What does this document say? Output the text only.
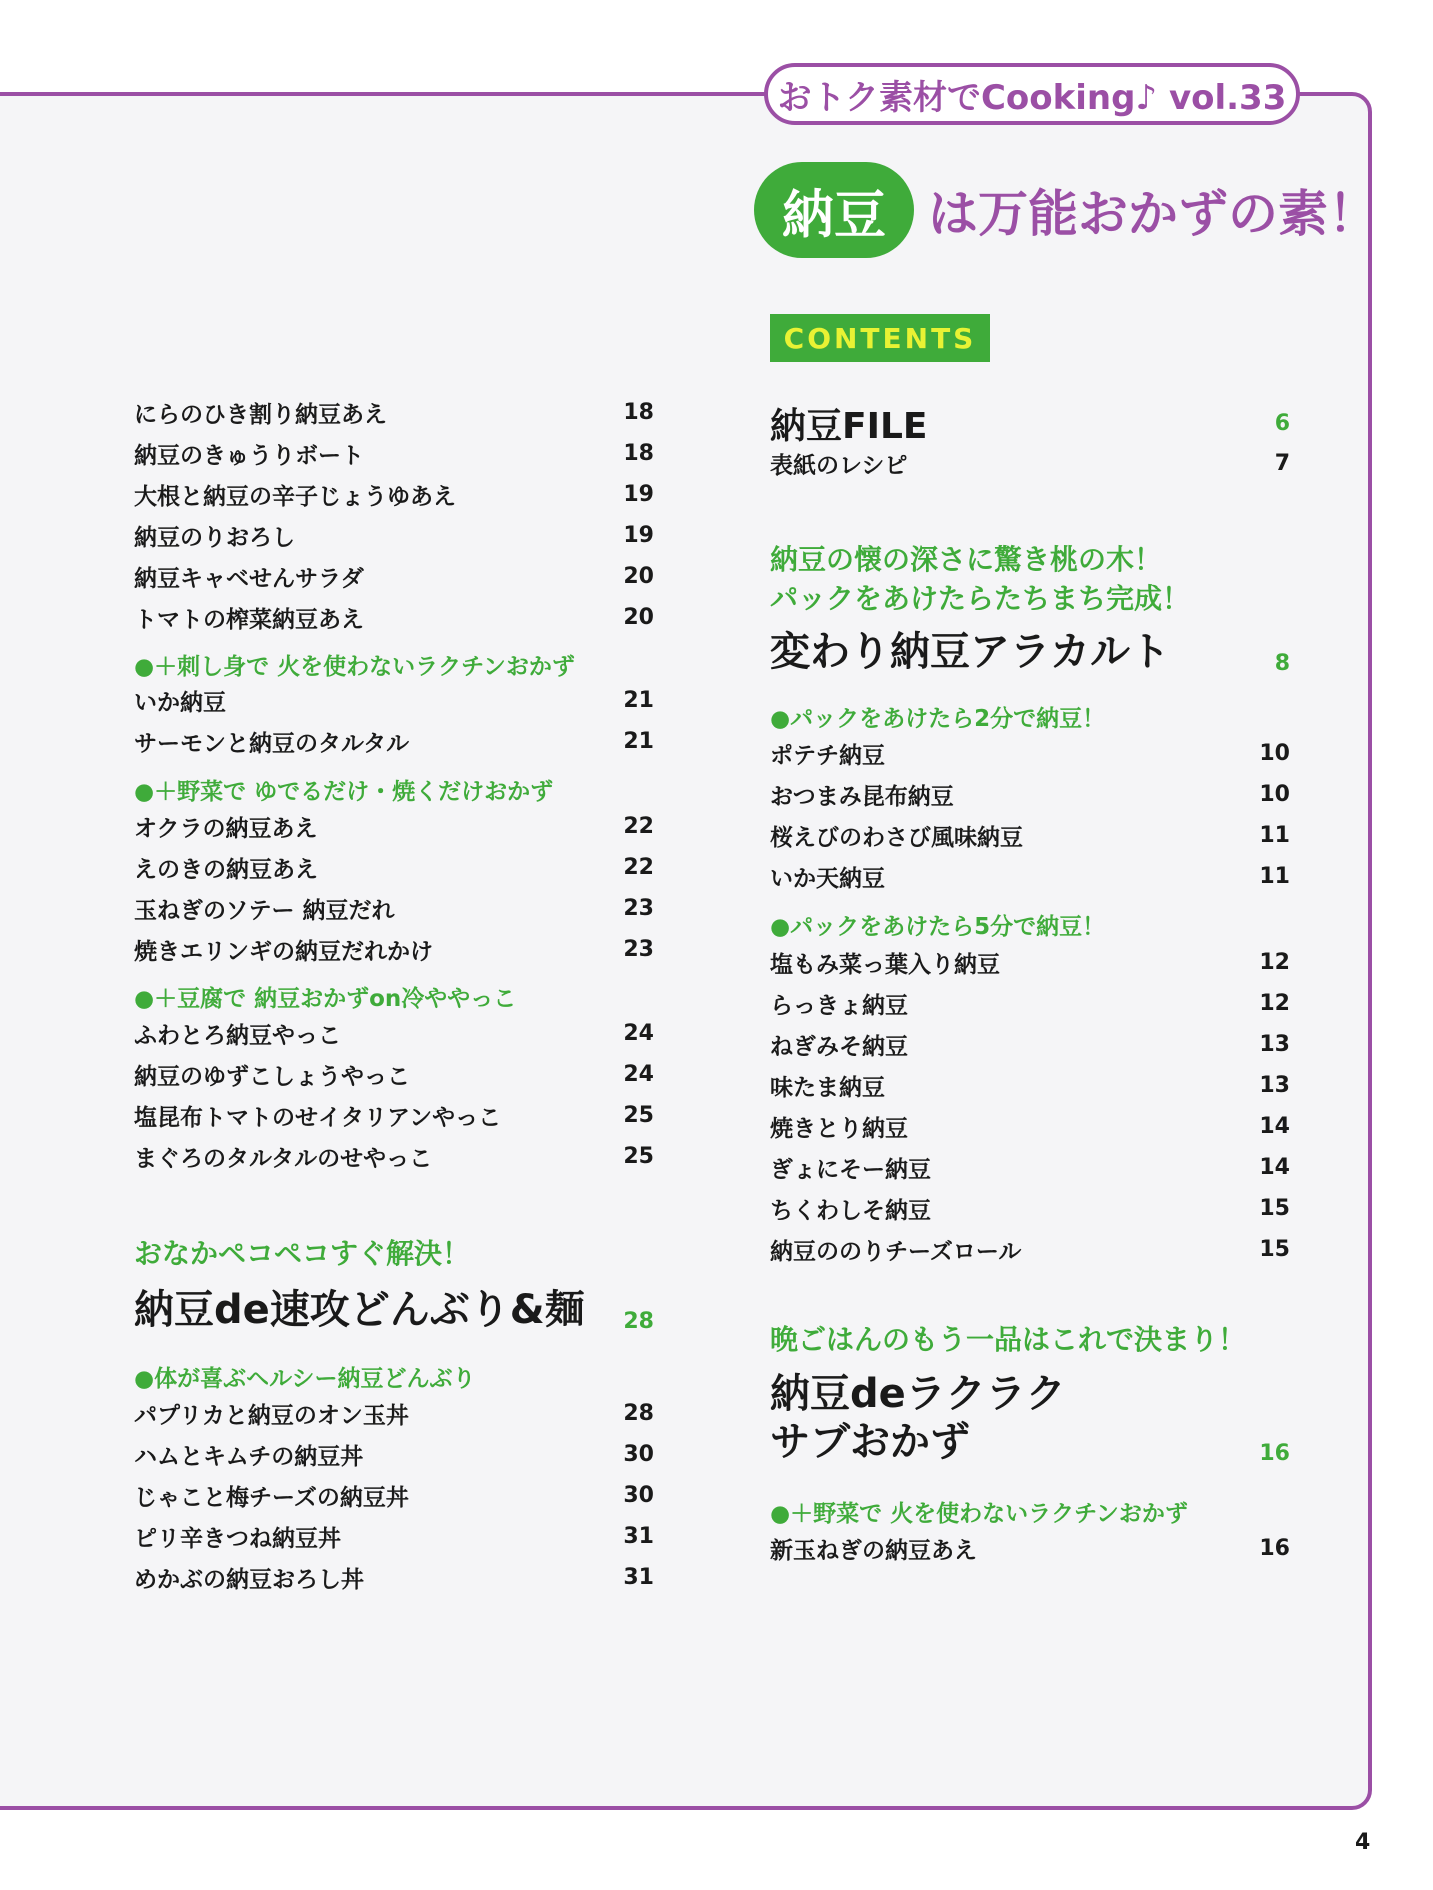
おトク素材でCooking♪ vol.33
納豆 は万能おかずの素！
CONTENTS
納豆FILE	6
表紙のレシピ	7
納豆の懐の深さに驚き桃の木！
パックをあけたらたちまち完成！
変わり納豆アラカルト	8
●パックをあけたら2分で納豆！
ポテチ納豆	10
おつまみ昆布納豆	10
桜えびのわさび風味納豆	11
いか天納豆	11
●パックをあけたら5分で納豆！
塩もみ菜っ葉入り納豆	12
らっきょ納豆	12
ねぎみそ納豆	13
味たま納豆	13
焼きとり納豆	14
ぎょにそー納豆	14
ちくわしそ納豆	15
納豆ののりチーズロール	15
晩ごはんのもう一品はこれで決まり！
納豆deラクラク
サブおかず	16
●＋野菜で 火を使わないラクチンおかず
新玉ねぎの納豆あえ	16
にらのひき割り納豆あえ	18
納豆のきゅうりボート	18
大根と納豆の辛子じょうゆあえ	19
納豆のりおろし	19
納豆キャベせんサラダ	20
トマトの榨菜納豆あえ	20
●＋刺し身で 火を使わないラクチンおかず
いか納豆	21
サーモンと納豆のタルタル	21
●＋野菜で ゆでるだけ・焼くだけおかず
オクラの納豆あえ	22
えのきの納豆あえ	22
玉ねぎのソテー 納豆だれ	23
焼きエリンギの納豆だれかけ	23
●＋豆腐で 納豆おかずon冷ややっこ
ふわとろ納豆やっこ	24
納豆のゆずこしょうやっこ	24
塩昆布トマトのせイタリアンやっこ	25
まぐろのタルタルのせやっこ	25
おなかペコペコすぐ解決！
納豆de速攻どんぶり&麺 28
●体が喜ぶヘルシー納豆どんぶり
パプリカと納豆のオン玉丼	28
ハムとキムチの納豆丼	30
じゃこと梅チーズの納豆丼	30
ピリ辛きつね納豆丼	31
めかぶの納豆おろし丼	31
4
